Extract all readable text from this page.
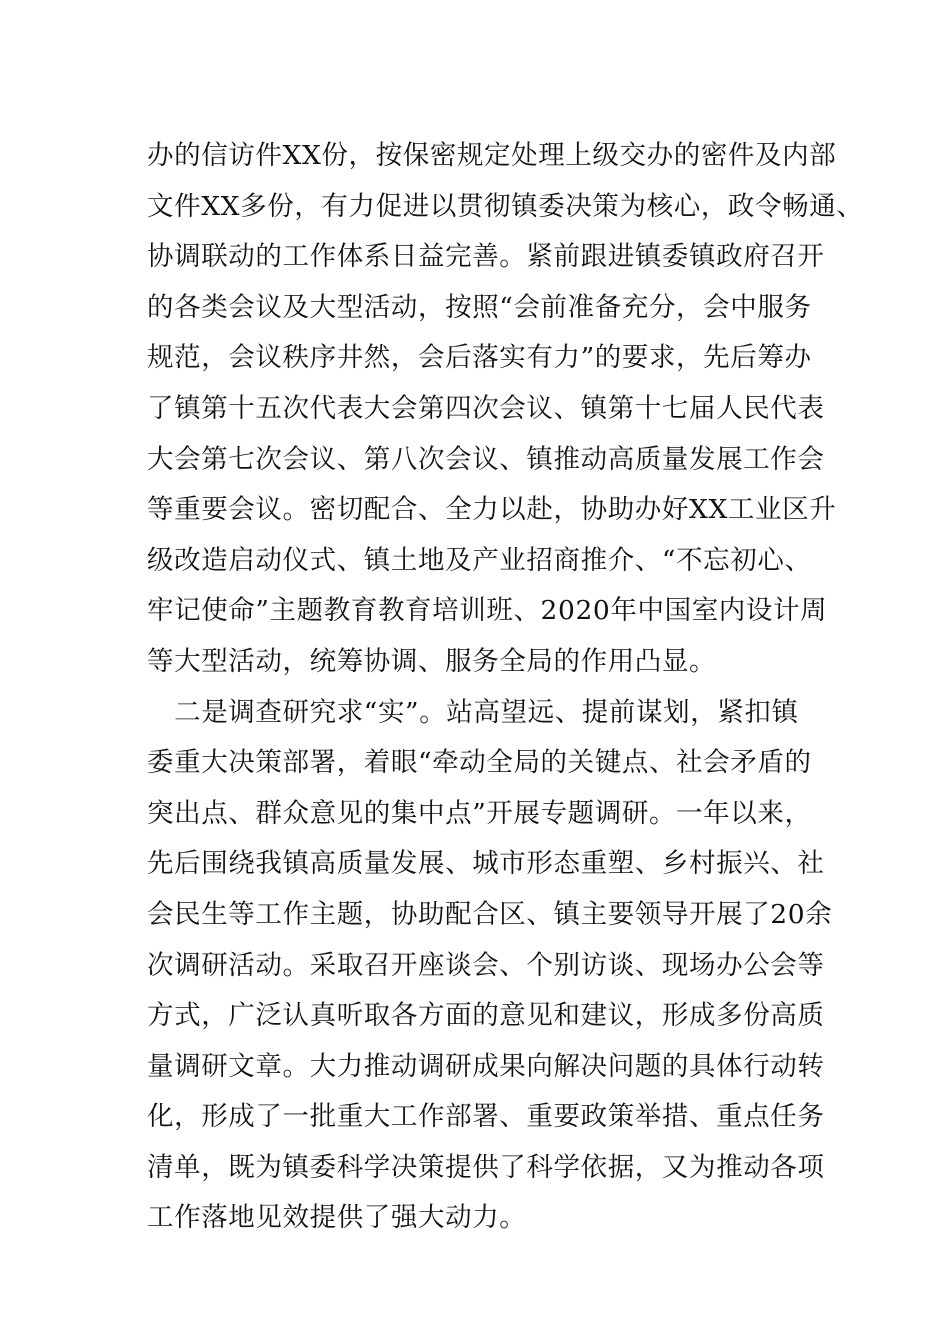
办的信访件XX份，按保密规定处理上级交办的密件及内部
文件XX多份，有力促进以贯彻镇委决策为核心，政令畅通、
协调联动的工作体系日益完善。紧前跟进镇委镇政府召开
的各类会议及大型活动，按照“会前准备充分，会中服务
规范，会议秩序井然，会后落实有力”的要求，先后筹办
了镇第十五次代表大会第四次会议、镇第十七届人民代表
大会第七次会议、第八次会议、镇推动高质量发展工作会
等重要会议。密切配合、全力以赴，协助办好XX工业区升
级改造启动仪式、镇土地及产业招商推介、“不忘初心、
牢记使命”主题教育教育培训班、2020年中国室内设计周
等大型活动，统筹协调、服务全局的作用凸显。
　二是调查研究求“实”。站高望远、提前谋划，紧扣镇
委重大决策部署，着眼“牵动全局的关键点、社会矛盾的
突出点、群众意见的集中点”开展专题调研。一年以来，
先后围绕我镇高质量发展、城市形态重塑、乡村振兴、社
会民生等工作主题，协助配合区、镇主要领导开展了20余
次调研活动。采取召开座谈会、个别访谈、现场办公会等
方式，广泛认真听取各方面的意见和建议，形成多份高质
量调研文章。大力推动调研成果向解决问题的具体行动转
化，形成了一批重大工作部署、重要政策举措、重点任务
清单，既为镇委科学决策提供了科学依据，又为推动各项
工作落地见效提供了强大动力。
